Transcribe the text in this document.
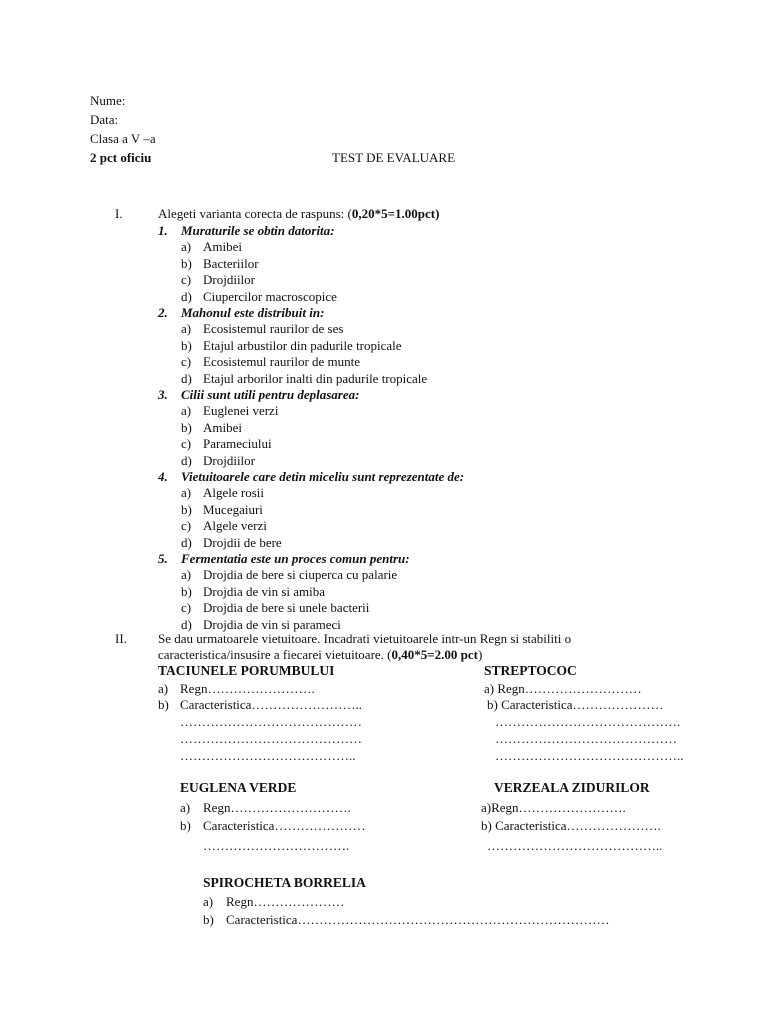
Nume:
Data:
Clasa a V –a
2 pct oficiu	TEST DE EVALUARE
I.	Alegeti varianta corecta de raspuns: (0,20*5=1.00pct)
1. Muraturile se obtin datorita:
a) Amibei
b) Bacteriilor
c) Drojdiilor
d) Ciupercilor macroscopice
2. Mahonul este distribuit in:
a) Ecosistemul raurilor de ses
b) Etajul arbustilor din padurile tropicale
c) Ecosistemul raurilor de munte
d) Etajul arborilor inalti din padurile tropicale
3. Cilii sunt utili pentru deplasarea:
a) Euglenei verzi
b) Amibei
c) Parameciului
d) Drojdiilor
4. Vietuitoarele care detin miceliu sunt reprezentate de:
a) Algele rosii
b) Mucegaiuri
c) Algele verzi
d) Drojdii de bere
5. Fermentatia este un proces comun pentru:
a) Drojdia de bere si ciuperca cu palarie
b) Drojdia de vin si amiba
c) Drojdia de bere si unele bacterii
d) Drojdia de vin si parameci
II. Se dau urmatoarele vietuitoare. Incadrati vietuitoarele intr-un Regn si stabiliti o
caracteristica/insusire a fiecarei vietuitoare. (0,40*5=2.00 pct)
TACIUNELE PORUMBULUI
a) Regn…………………….
b) Caracteristica……………………..
……………………………………
……………………………………
…………………………………..
STREPTOCOC
a) Regn………………………
b) Caracteristica…………………
…………………………………….
……………………………………
……………………………………..
EUGLENA VERDE
a) Regn……………………….
b) Caracteristica…………………
…………………………….
VERZEALA ZIDURILOR
a)Regn…………………….
b) Caracteristica………………….
…………………………………..
SPIROCHETA BORRELIA
a) Regn…………………
b) Caracteristica………………………………………………………………
